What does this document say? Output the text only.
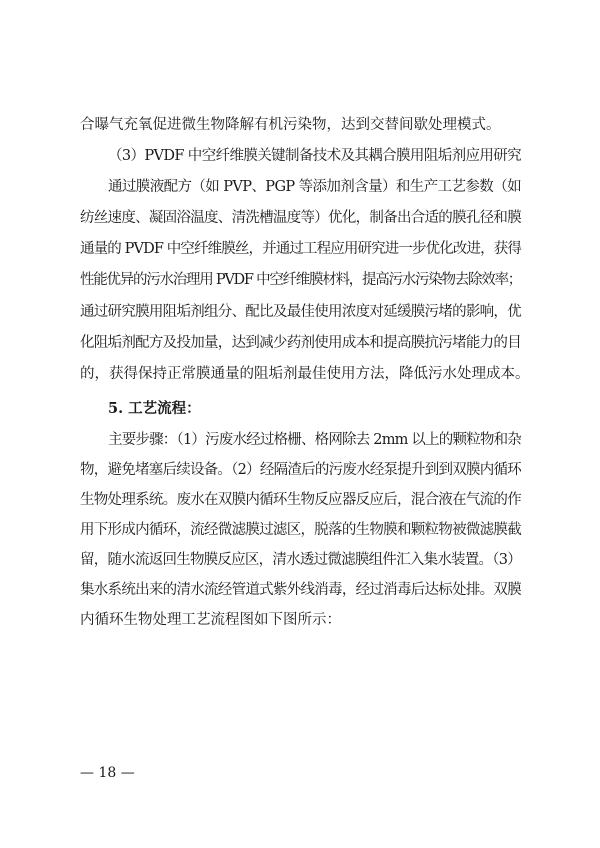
合曝气充氧促进微生物降解有机污染物，达到交替间歇处理模式。
（3）PVDF 中空纤维膜关键制备技术及其耦合膜用阻垢剂应用研究
通过膜液配方（如 PVP、PGP 等添加剂含量）和生产工艺参数（如
纺丝速度、凝固浴温度、清洗槽温度等）优化，制备出合适的膜孔径和膜
通量的 PVDF 中空纤维膜丝，并通过工程应用研究进一步优化改进，获得
性能优异的污水治理用 PVDF 中空纤维膜材料，提高污水污染物去除效率；
通过研究膜用阻垢剂组分、配比及最佳使用浓度对延缓膜污堵的影响，优
化阻垢剂配方及投加量，达到减少药剂使用成本和提高膜抗污堵能力的目
的，获得保持正常膜通量的阻垢剂最佳使用方法，降低污水处理成本。
5. 工艺流程：
主要步骤：（1）污废水经过格栅、格网除去 2mm 以上的颗粒物和杂
物，避免堵塞后续设备。（2）经隔渣后的污废水经泵提升到到双膜内循环
生物处理系统。废水在双膜内循环生物反应器反应后，混合液在气流的作
用下形成内循环，流经微滤膜过滤区，脱落的生物膜和颗粒物被微滤膜截
留，随水流返回生物膜反应区，清水透过微滤膜组件汇入集水装置。（3）
集水系统出来的清水流经管道式紫外线消毒，经过消毒后达标处排。双膜
内循环生物处理工艺流程图如下图所示：
— 18 —
